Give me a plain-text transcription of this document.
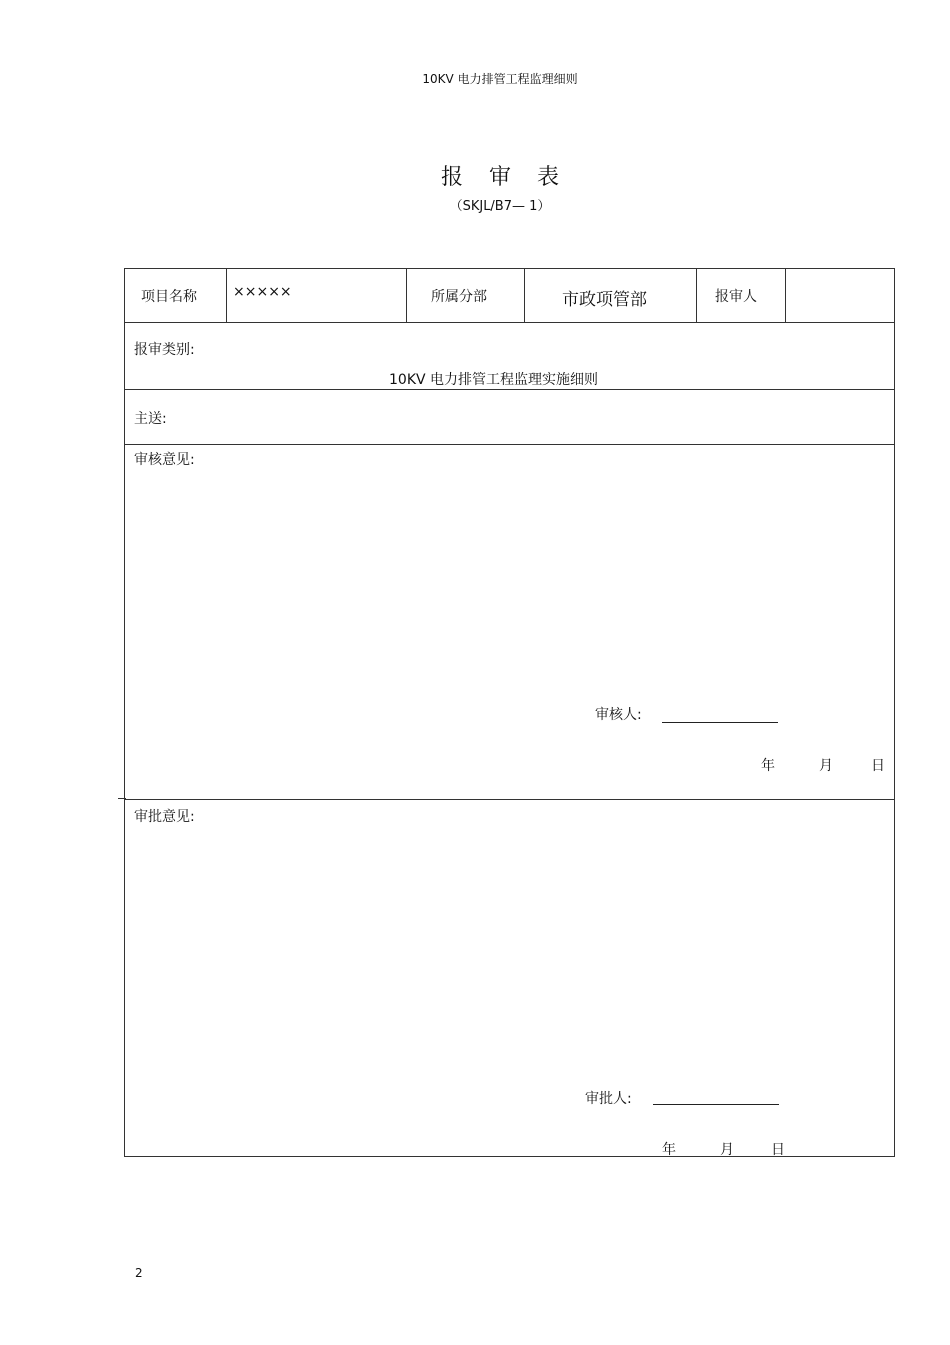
10KV 电力排管工程监理细则
报审表
（SKJL/B7— 1）
项目名称	×××××	所属分部	市政项管部	报审人
报审类别:
10KV 电力排管工程监理实施细则
主送:
审核意见:
审核人:
年	月	日
审批意见:
审批人:
年	月	日
2
